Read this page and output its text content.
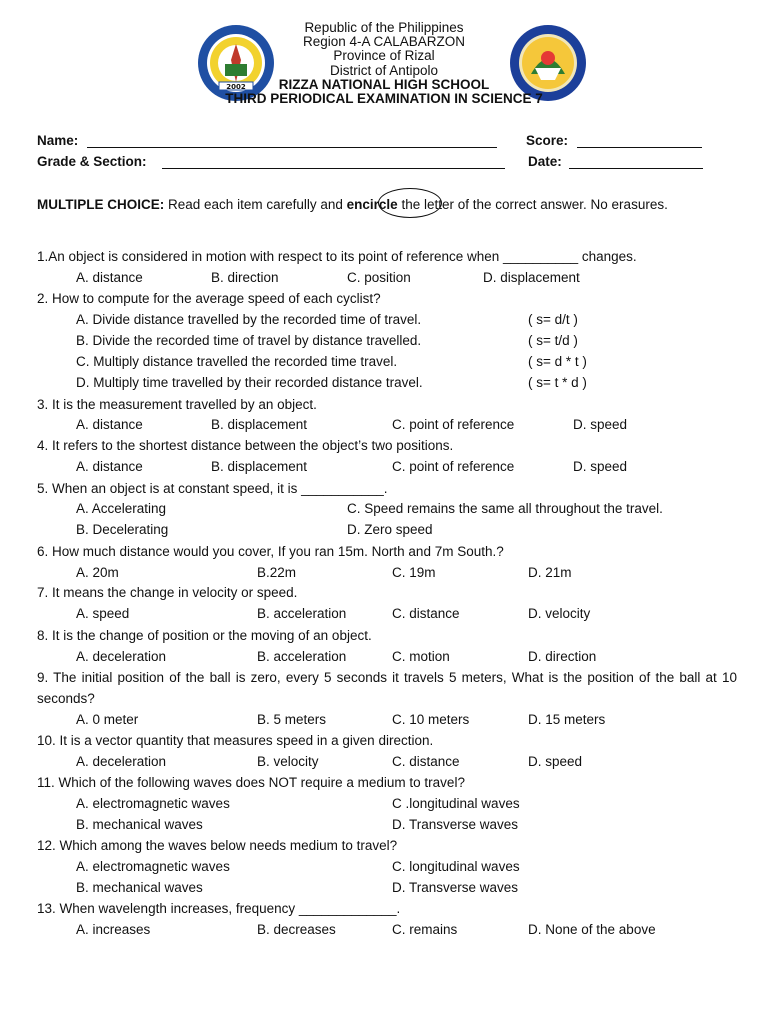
2002
Republic of the Philippines
Region 4-A CALABARZON
Province of Rizal
District of Antipolo
RIZZA NATIONAL HIGH SCHOOL
THIRD PERIODICAL EXAMINATION IN SCIENCE 7
Name:	Score:
Grade & Section:	Date:
MULTIPLE CHOICE: Read each item carefully and encircle the letter of the correct answer. No erasures.
1.An object is considered in motion with respect to its point of reference when __________ changes.
A. distance	B. direction	C. position	D. displacement
2. How to compute for the average speed of each cyclist?
A. Divide distance travelled by the recorded time of travel.	( s= d/t )
B. Divide the recorded time of travel by distance travelled.	( s= t/d )
C. Multiply distance travelled the recorded time travel.	( s= d * t )
D. Multiply time travelled by their recorded distance travel.	( s= t * d )
3. It is the measurement travelled by an object.
A. distance	B. displacement	C. point of reference	D. speed
4. It refers to the shortest distance between the object’s two positions.
A. distance	B. displacement	C. point of reference	D. speed
5. When an object is at constant speed, it is ___________.
A. Accelerating	C. Speed remains the same all throughout the travel.
B. Decelerating	D. Zero speed
6. How much distance would you cover, If you ran 15m. North and 7m South.?
A. 20m	B.22m	C. 19m	D. 21m
7. It means the change in velocity or speed.
A. speed	B. acceleration	C. distance	D. velocity
8. It is the change of position or the moving of an object.
A. deceleration	B. acceleration	C. motion	D. direction
9. The initial position of the ball is zero, every 5 seconds it travels 5 meters, What is the position of the ball at 10 seconds?
A. 0 meter	B. 5 meters	C. 10 meters	D. 15 meters
10. It is a vector quantity that measures speed in a given direction.
A. deceleration	B. velocity	C. distance	D. speed
11. Which of the following waves does NOT require a medium to travel?
A. electromagnetic waves	C .longitudinal waves
B. mechanical waves	D. Transverse waves
12. Which among the waves below needs medium to travel?
A. electromagnetic waves	C. longitudinal waves
B. mechanical waves	D. Transverse waves
13. When wavelength increases, frequency _____________.
A. increases	B. decreases	C. remains	D. None of the above
